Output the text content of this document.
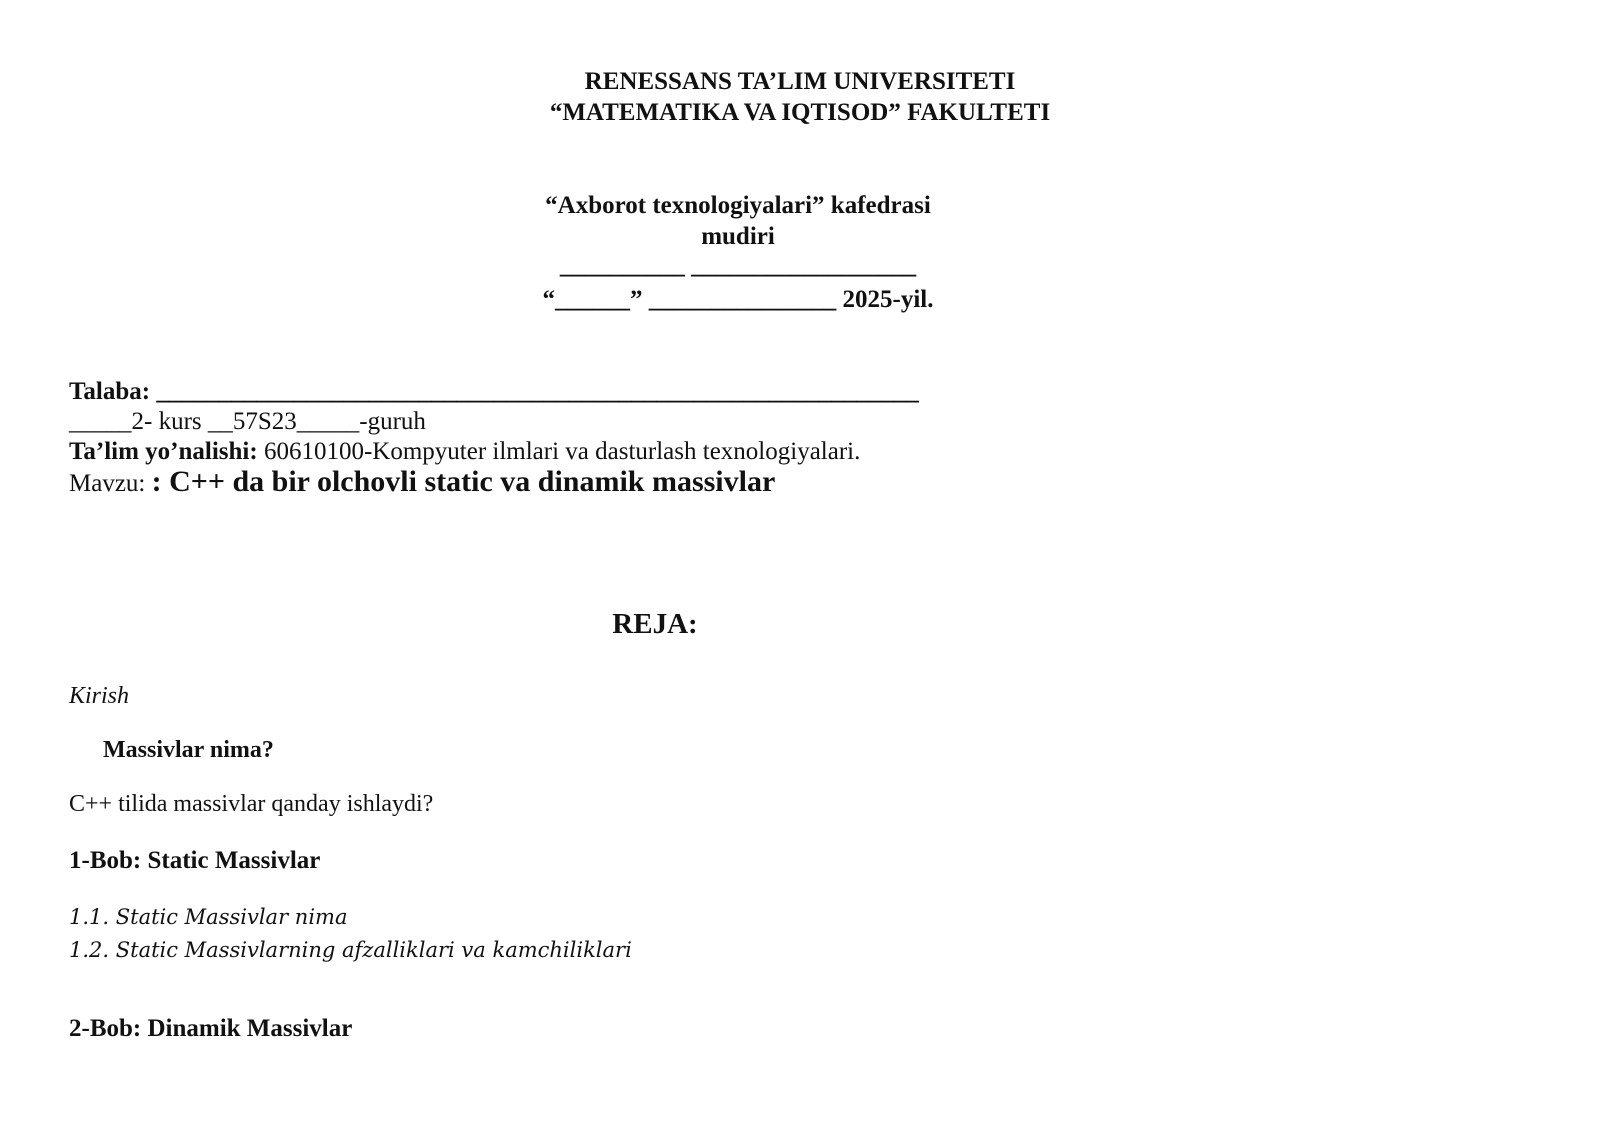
RENESSANS TA’LIM UNIVERSITETI
“MATEMATIKA VA IQTISOD” FAKULTETI
“Axborot texnologiyalari” kafedrasi
mudiri
__________ __________________
“______” _______________ 2025-yil.
Talaba: _____________________________________________________________
_____2- kurs __57S23_____-guruh
Ta’lim yo’nalishi: 60610100-Kompyuter ilmlari va dasturlash texnologiyalari.
Mavzu: : C++ da bir olchovli static va dinamik massivlar
REJA:
Kirish
Massivlar nima?
C++ tilida massivlar qanday ishlaydi?
1-Bob: Static Massivlar
1.1. Static Massivlar nima
1.2. Static Massivlarning afzalliklari va kamchiliklari
2-Bob: Dinamik Massivlar
